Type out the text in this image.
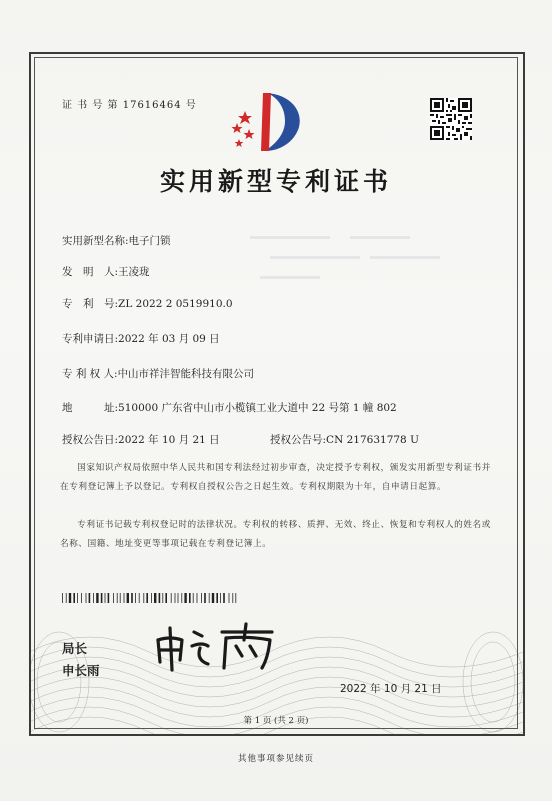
证 书 号 第 17616464 号
实用新型专利证书
实用新型名称:电子门锁
发　明　人:王凌珑
专　利　号:ZL 2022 2 0519910.0
专利申请日:2022 年 03 月 09 日
专 利 权 人:中山市祥沣智能科技有限公司
地　　　址:510000 广东省中山市小榄镇工业大道中 22 号第 1 幢 802
授权公告日:2022 年 10 月 21 日	授权公告号:CN 217631778 U
国家知识产权局依照中华人民共和国专利法经过初步审查，决定授予专利权，颁发实用新型专利证书并在专利登记簿上予以登记。专利权自授权公告之日起生效。专利权期限为十年，自申请日起算。
专利证书记载专利权登记时的法律状况。专利权的转移、质押、无效、终止、恢复和专利权人的姓名或名称、国籍、地址变更等事项记载在专利登记簿上。
局长
申长雨
2022 年 10 月 21 日
第 1 页 (共 2 页)
其他事项参见续页
